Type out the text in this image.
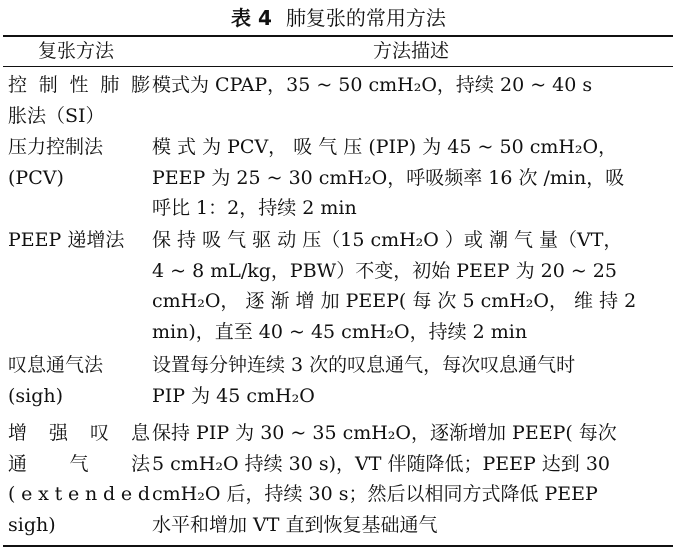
表 4 肺复张的常用方法
复张方法	方法描述
控 制 性 肺 膨
胀法（SI）
模式为 CPAP，35 ~ 50 cmH₂O，持续 20 ~ 40 s
压力控制法
(PCV)
模 式 为 PCV， 吸 气 压 (PIP) 为 45 ~ 50 cmH₂O，
PEEP 为 25 ~ 30 cmH₂O，呼吸频率 16 次 /min，吸
呼比 1：2，持续 2 min
PEEP 递增法	保 持 吸 气 驱 动 压（15 cmH₂O ）或 潮 气 量（VT，
4 ~ 8 mL/kg，PBW）不变，初始 PEEP 为 20 ~ 25
cmH₂O， 逐 渐 增 加 PEEP( 每 次 5 cmH₂O， 维 持 2
min)，直至 40 ~ 45 cmH₂O，持续 2 min
叹息通气法
(sigh)
设置每分钟连续 3 次的叹息通气，每次叹息通气时
PIP 为 45 cmH₂O
增 强 叹 息
通 气 法
( e x t e n d e d
sigh)
保持 PIP 为 30 ~ 35 cmH₂O，逐渐增加 PEEP( 每次
5 cmH₂O 持续 30 s)，VT 伴随降低；PEEP 达到 30
cmH₂O 后，持续 30 s；然后以相同方式降低 PEEP
水平和增加 VT 直到恢复基础通气
